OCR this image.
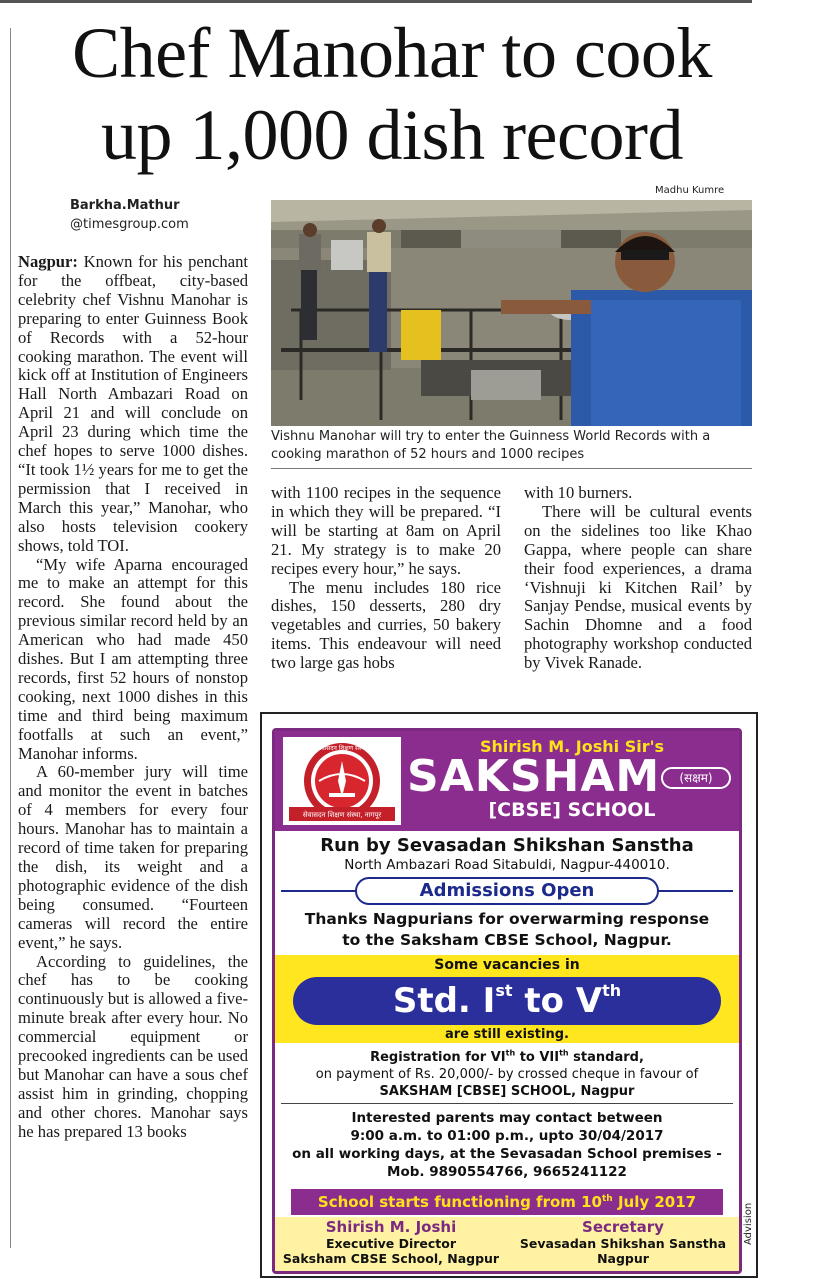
Chef Manohar to cook
up 1,000 dish record
Barkha.Mathur
@timesgroup.com
Madhu Kumre
Vishnu Manohar will try to enter the Guinness World Records with a cooking marathon of 52 hours and 1000 recipes

Nagpur: Known for his penchant for the offbeat, city-based celebrity chef Vishnu Manohar is preparing to enter Guinness Book of Records with a 52-hour cooking marathon. The event will kick off at Institution of Engineers Hall North Ambazari Road on April 21 and will conclude on April 23 during which time the chef hopes to serve 1000 dishes. “It took 1½ years for me to get the permission that I received in March this year,” Manohar, who also hosts television cookery shows, told TOI.

“My wife Aparna encouraged me to make an attempt for this record. She found about the previous similar record held by an American who had made 450 dishes. But I am attempting three records, first 52 hours of nonstop cooking, next 1000 dishes in this time and third being maximum footfalls at such an event,” Manohar informs.

A 60-member jury will time and monitor the event in batches of 4 members for every four hours. Manohar has to maintain a record of time taken for preparing the dish, its weight and a photographic evidence of the dish being consumed. “Fourteen cameras will record the entire event,” he says.

According to guidelines, the chef has to be cooking continuously but is allowed a five-minute break after every hour. No commercial equipment or precooked ingredients can be used but Manohar can have a sous chef assist him in grinding, chopping and other chores. Manohar says he has prepared 13 books

with 1100 recipes in the sequence in which they will be prepared. “I will be starting at 8am on April 21. My strategy is to make 20 recipes every hour,” he says.

The menu includes 180 rice dishes, 150 desserts, 280 dry vegetables and curries, 50 bakery items. This endeavour will need two large gas hobs

with 10 burners.

There will be cultural events on the sidelines too like Khao Gappa, where people can share their food experiences, a drama ‘Vishnuji ki Kitchen Rail’ by Sanjay Pendse, musical events by Sachin Dhomne and a food photography workshop conducted by Vivek Ranade.

सेवासदन शिक्षण संस्था
सेवासदन शिक्षण संस्था, नागपूर
Shirish M. Joshi Sir's
SAKSHAM	(सक्षम)
[CBSE] SCHOOL
Run by Sevasadan Shikshan Sanstha
North Ambazari Road Sitabuldi, Nagpur-440010.
Admissions Open
Thanks Nagpurians for overwarming response
to the Saksham CBSE School, Nagpur.
Some vacancies in
Std. Ist to Vth
are still existing.
Registration for VIth to VIIth standard,
on payment of Rs. 20,000/- by crossed cheque in favour of
SAKSHAM [CBSE] SCHOOL, Nagpur
Interested parents may contact between
9:00 a.m. to 01:00 p.m., upto 30/04/2017
on all working days, at the Sevasadan School premises -
Mob. 9890554766, 9665241122
School starts functioning from 10th July 2017
Shirish M. Joshi
Executive Director
Saksham CBSE School, Nagpur
Secretary
Sevasadan Shikshan Sanstha
Nagpur
Advision
